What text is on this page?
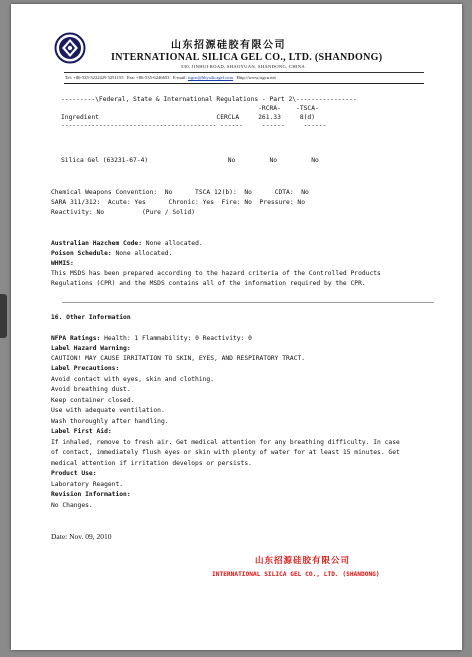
山东招源硅胶有限公司
INTERNATIONAL SILICA GEL CO., LTD. (SHANDONG)
530, JINHUI ROAD, SHAOYUAN, SHANDONG, CHINA
Tel: +86-535-5222429 5251155 Fax: +86-535-6246653 E-mail: isgcn@hhysilicagel.com Http://www.isgcn.net
---------\Federal, State & International Regulations - Part 2\----------------
-RCRA-    -TSCA-
Ingredient                               CERCLA     261.33     8(d)
----------------------------------------- ------     ------     ------
Silica Gel (63231-67-4)                     No         No         No
Chemical Weapons Convention:  No      TSCA 12(b):  No      CDTA:  No
SARA 311/312:  Acute: Yes      Chronic: Yes  Fire: No  Pressure: No
Reactivity: No          (Pure / Solid)
Australian Hazchem Code: None allocated.
Poison Schedule: None allocated.
WHMIS:
This MSDS has been prepared according to the hazard criteria of the Controlled Products
Regulations (CPR) and the MSDS contains all of the information required by the CPR.
16. Other Information
NFPA Ratings: Health: 1 Flammability: 0 Reactivity: 0
Label Hazard Warning:
CAUTION! MAY CAUSE IRRITATION TO SKIN, EYES, AND RESPIRATORY TRACT.
Label Precautions:
Avoid contact with eyes, skin and clothing.
Avoid breathing dust.
Keep container closed.
Use with adequate ventilation.
Wash thoroughly after handling.
Label First Aid:
If inhaled, remove to fresh air. Get medical attention for any breathing difficulty. In case
of contact, immediately flush eyes or skin with plenty of water for at least 15 minutes. Get
medical attention if irritation develops or persists.
Product Use:
Laboratory Reagent.
Revision Information:
No Changes.
Date: Nov. 09, 2010
山东招源硅胶有限公司
INTERNATIONAL SILICA GEL CO., LTD. (SHANDONG)
